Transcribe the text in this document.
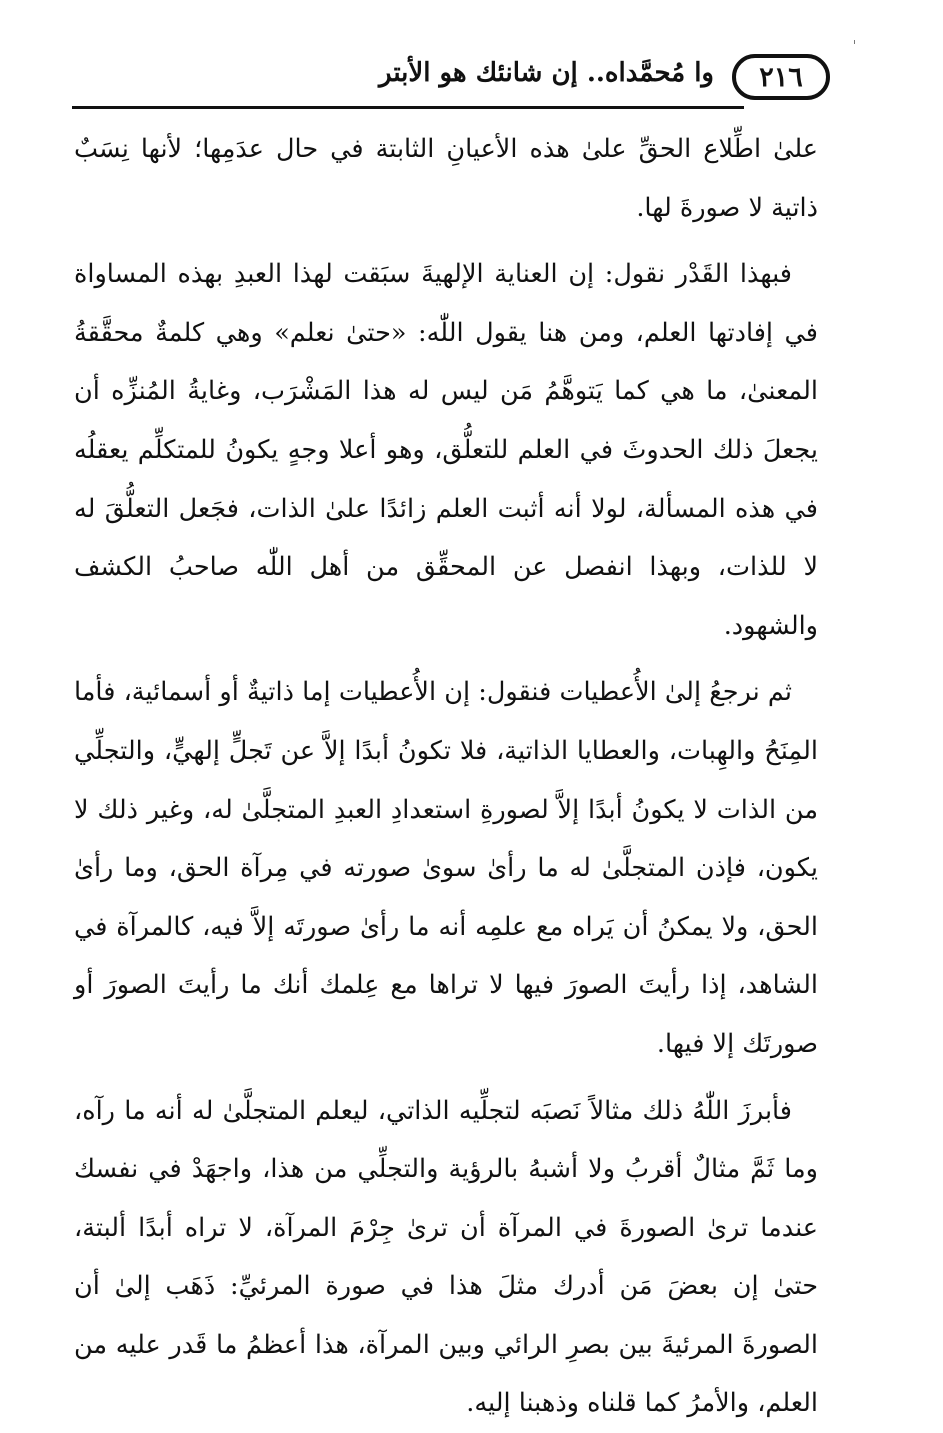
٢١٦
وا مُحمَّداه.. إن شانئك هو الأبتر

علىٰ اطِّلاع الحقِّ علىٰ هذه الأعيانِ الثابتة في حال عدَمِها؛ لأنها نِسَبٌ ذاتية لا صورةَ لها.

فبهذا القَدْر نقول: إن العناية الإلهيةَ سبَقت لهذا العبدِ بهذه المساواة في إفادتها العلم، ومن هنا يقول اللّٰه: «حتىٰ نعلم» وهي كلمةٌ محقَّقةُ المعنىٰ، ما هي كما يَتوهَّمُ مَن ليس له هذا المَشْرَب، وغايةُ المُنزِّه أن يجعلَ ذلك الحدوثَ في العلم للتعلُّق، وهو أعلا وجهٍ يكونُ للمتكلِّم يعقلُه في هذه المسألة، لولا أنه أثبت العلم زائدًا علىٰ الذات، فجَعل التعلُّقَ له لا للذات، وبهذا انفصل عن المحقِّق من أهل اللّٰه صاحبُ الكشف والشهود.

ثم نرجعُ إلىٰ الأُعطيات فنقول: إن الأُعطيات إما ذاتيةٌ أو أسمائية، فأما المِنَحُ والهِبات، والعطايا الذاتية، فلا تكونُ أبدًا إلاَّ عن تَجلٍّ إلهيٍّ، والتجلِّي من الذات لا يكونُ أبدًا إلاَّ لصورةِ استعدادِ العبدِ المتجلَّىٰ له، وغير ذلك لا يكون، فإذن المتجلَّىٰ له ما رأىٰ سوىٰ صورته في مِرآة الحق، وما رأىٰ الحق، ولا يمكنُ أن يَراه مع علمِه أنه ما رأىٰ صورتَه إلاَّ فيه، كالمرآة في الشاهد، إذا رأيتَ الصورَ فيها لا تراها مع عِلمك أنك ما رأيتَ الصورَ أو صورتَك إلا فيها.

فأبرزَ اللّٰهُ ذلك مثالاً نَصبَه لتجلِّيه الذاتي، ليعلم المتجلَّىٰ له أنه ما رآه، وما ثَمَّ مثالٌ أقربُ ولا أشبهُ بالرؤية والتجلِّي من هذا، واجهَدْ في نفسك عندما ترىٰ الصورةَ في المرآة أن ترىٰ جِرْمَ المرآة، لا تراه أبدًا ألبتة، حتىٰ إن بعضَ مَن أدرك مثلَ هذا في صورة المرئيِّ: ذَهَب إلىٰ أن الصورةَ المرئيةَ بين بصرِ الرائي وبين المرآة، هذا أعظمُ ما قَدر عليه من العلم، والأمرُ كما قلناه وذهبنا إليه.
